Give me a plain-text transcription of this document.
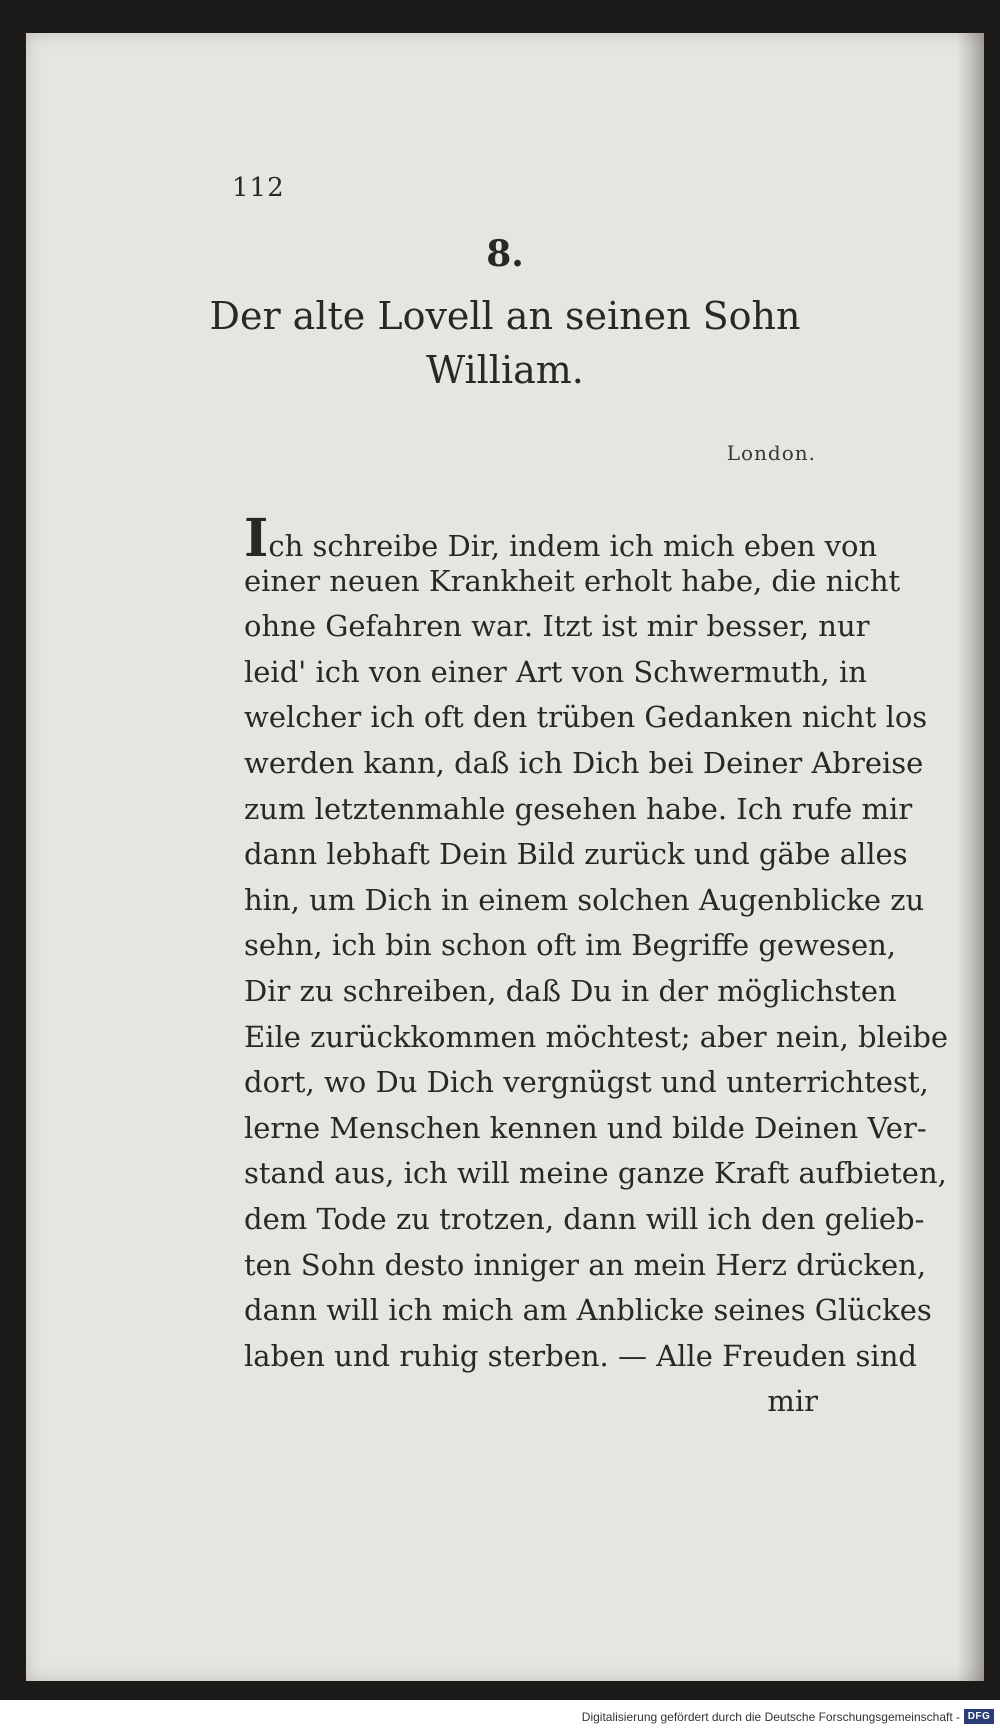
112
8.
Der alte Lovell an seinen Sohn
William.
London.
Ich schreibe Dir, indem ich mich eben von
einer neuen Krankheit erholt habe, die nicht
ohne Gefahren war. Itzt ist mir besser, nur
leid' ich von einer Art von Schwermuth, in
welcher ich oft den trüben Gedanken nicht los
werden kann, daß ich Dich bei Deiner Abreise
zum letztenmahle gesehen habe. Ich rufe mir
dann lebhaft Dein Bild zurück und gäbe alles
hin, um Dich in einem solchen Augenblicke zu
sehn, ich bin schon oft im Begriffe gewesen,
Dir zu schreiben, daß Du in der möglichsten
Eile zurückkommen möchtest; aber nein, bleibe
dort, wo Du Dich vergnügst und unterrichtest,
lerne Menschen kennen und bilde Deinen Ver-
stand aus, ich will meine ganze Kraft aufbieten,
dem Tode zu trotzen, dann will ich den gelieb-
ten Sohn desto inniger an mein Herz drücken,
dann will ich mich am Anblicke seines Glückes
laben und ruhig sterben. — Alle Freuden sind
mir
Digitalisierung gefördert durch die Deutsche Forschungsgemeinschaft - DFG
